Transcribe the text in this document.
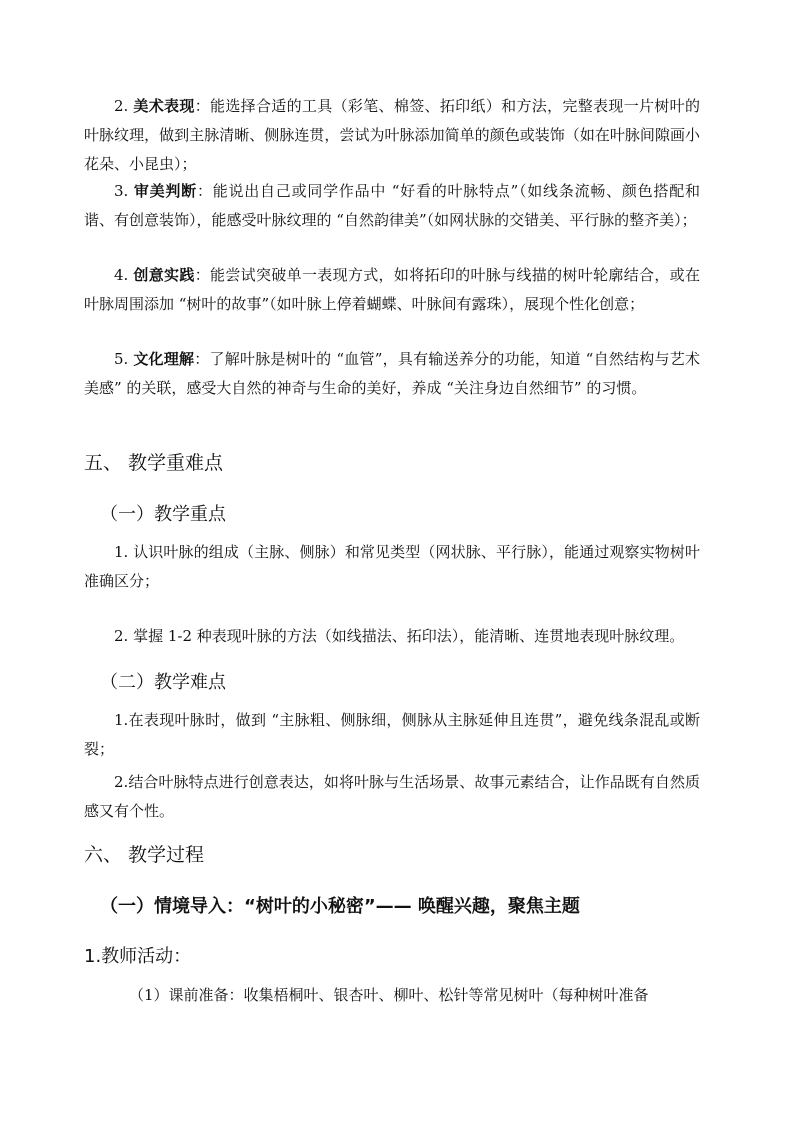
2. 美术表现：能选择合适的工具（彩笔、棉签、拓印纸）和方法，完整表现一片树叶的叶脉纹理，做到主脉清晰、侧脉连贯，尝试为叶脉添加简单的颜色或装饰（如在叶脉间隙画小花朵、小昆虫）；

3. 审美判断：能说出自己或同学作品中 “好看的叶脉特点”（如线条流畅、颜色搭配和谐、有创意装饰），能感受叶脉纹理的 “自然韵律美”（如网状脉的交错美、平行脉的整齐美）；

4. 创意实践：能尝试突破单一表现方式，如将拓印的叶脉与线描的树叶轮廓结合，或在叶脉周围添加 “树叶的故事”（如叶脉上停着蝴蝶、叶脉间有露珠），展现个性化创意；

5. 文化理解：了解叶脉是树叶的 “血管”，具有输送养分的功能，知道 “自然结构与艺术美感” 的关联，感受大自然的神奇与生命的美好，养成 “关注身边自然细节” 的习惯。

五、 教学重难点
（一）教学重点

1. 认识叶脉的组成（主脉、侧脉）和常见类型（网状脉、平行脉），能通过观察实物树叶准确区分；

2. 掌握 1-2 种表现叶脉的方法（如线描法、拓印法），能清晰、连贯地表现叶脉纹理。

（二）教学难点

1.在表现叶脉时，做到 “主脉粗、侧脉细，侧脉从主脉延伸且连贯”，避免线条混乱或断裂；

2.结合叶脉特点进行创意表达，如将叶脉与生活场景、故事元素结合，让作品既有自然质感又有个性。

六、 教学过程
（一）情境导入：“树叶的小秘密”—— 唤醒兴趣，聚焦主题
1.教师活动：

（1）课前准备：收集梧桐叶、银杏叶、柳叶、松针等常见树叶（每种树叶准备
